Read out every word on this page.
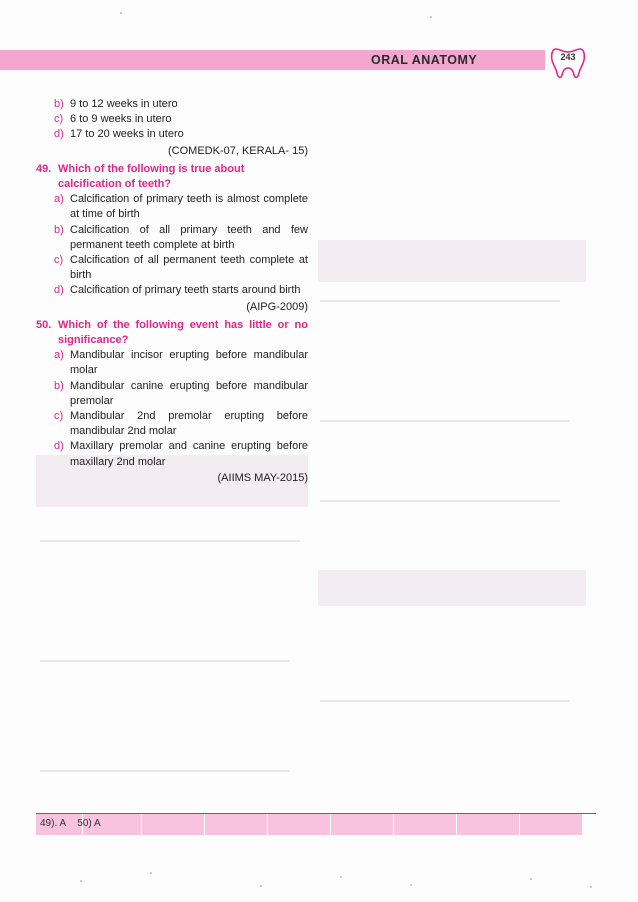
ORAL ANATOMY	243
b) 9 to 12 weeks in utero
c) 6 to 9 weeks in utero
d) 17 to 20 weeks in utero
(COMEDK-07, KERALA- 15)
49. Which of the following is true about calcification of teeth?
a) Calcification of primary teeth is almost complete at time of birth
b) Calcification of all primary teeth and few permanent teeth complete at birth
c) Calcification of all permanent teeth complete at birth
d) Calcification of primary teeth starts around birth
(AIPG-2009)
50. Which of the following event has little or no significance?
a) Mandibular incisor erupting before mandibular molar
b) Mandibular canine erupting before mandibular premolar
c) Mandibular 2nd premolar erupting before mandibular 2nd molar
d) Maxillary premolar and canine erupting before maxillary 2nd molar
(AIIMS MAY-2015)
49). A 50) A
